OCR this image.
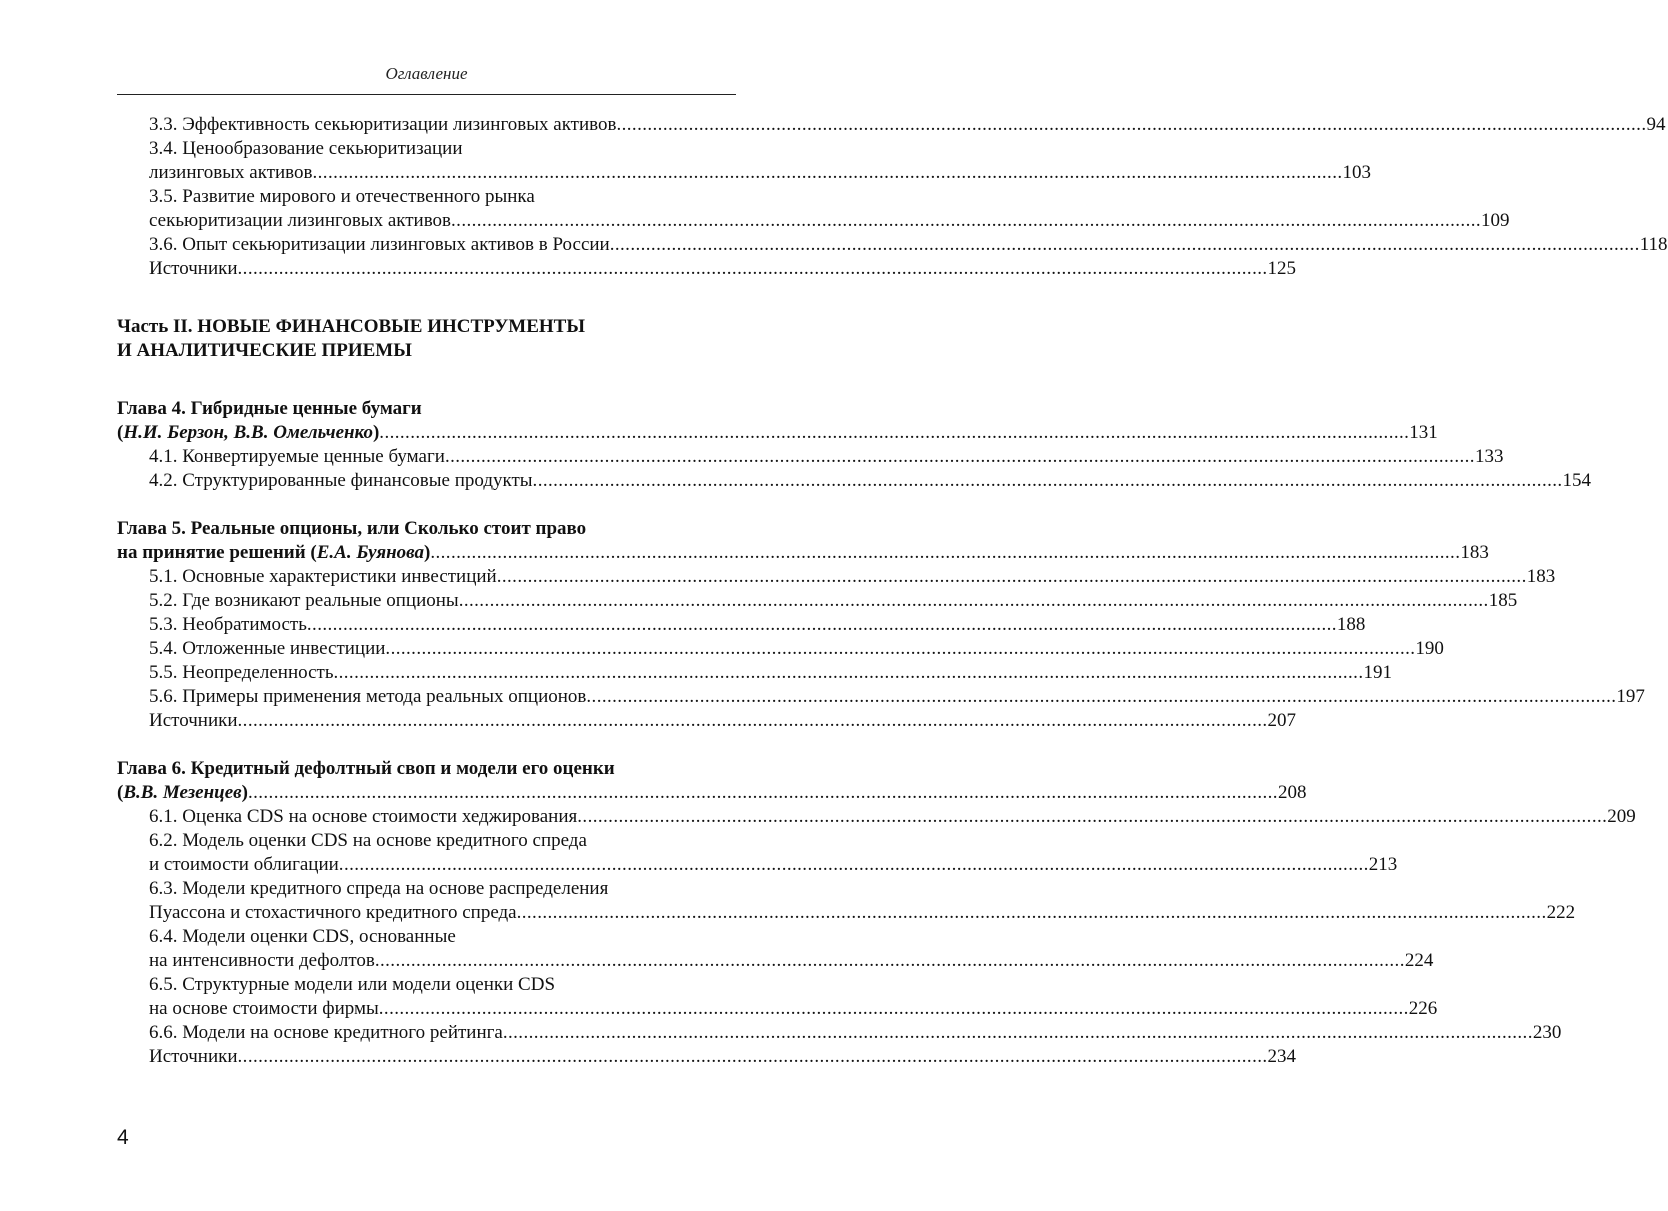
Оглавление
3.3. Эффективность секьюритизации лизинговых активов ........................................................................................................................................................................................................ 94
3.4. Ценообразование секьюритизации
лизинговых активов ........................................................................................................................................................................................................ 103
3.5. Развитие мирового и отечественного рынка
секьюритизации лизинговых активов ........................................................................................................................................................................................................ 109
3.6. Опыт секьюритизации лизинговых активов в России ........................................................................................................................................................................................................ 118
Источники ........................................................................................................................................................................................................ 125
Часть II. НОВЫЕ ФИНАНСОВЫЕ ИНСТРУМЕНТЫ
И АНАЛИТИЧЕСКИЕ ПРИЕМЫ
Глава 4. Гибридные ценные бумаги
(Н.И. Берзон, В.В. Омельченко) ........................................................................................................................................................................................................ 131
4.1. Конвертируемые ценные бумаги ........................................................................................................................................................................................................ 133
4.2. Структурированные финансовые продукты ........................................................................................................................................................................................................ 154
Глава 5. Реальные опционы, или Сколько стоит право
на принятие решений (Е.А. Буянова) ........................................................................................................................................................................................................ 183
5.1. Основные характеристики инвестиций ........................................................................................................................................................................................................ 183
5.2. Где возникают реальные опционы ........................................................................................................................................................................................................ 185
5.3. Необратимость ........................................................................................................................................................................................................ 188
5.4. Отложенные инвестиции ........................................................................................................................................................................................................ 190
5.5. Неопределенность ........................................................................................................................................................................................................ 191
5.6. Примеры применения метода реальных опционов ........................................................................................................................................................................................................ 197
Источники ........................................................................................................................................................................................................ 207
Глава 6. Кредитный дефолтный своп и модели его оценки
(В.В. Мезенцев) ........................................................................................................................................................................................................ 208
6.1. Оценка CDS на основе стоимости хеджирования ........................................................................................................................................................................................................ 209
6.2. Модель оценки CDS на основе кредитного спреда
и стоимости облигации ........................................................................................................................................................................................................ 213
6.3. Модели кредитного спреда на основе распределения
Пуассона и стохастичного кредитного спреда ........................................................................................................................................................................................................ 222
6.4. Модели оценки CDS, основанные
на интенсивности дефолтов ........................................................................................................................................................................................................ 224
6.5. Структурные модели или модели оценки CDS
на основе стоимости фирмы ........................................................................................................................................................................................................ 226
6.6. Модели на основе кредитного рейтинга ........................................................................................................................................................................................................ 230
Источники ........................................................................................................................................................................................................ 234
4
